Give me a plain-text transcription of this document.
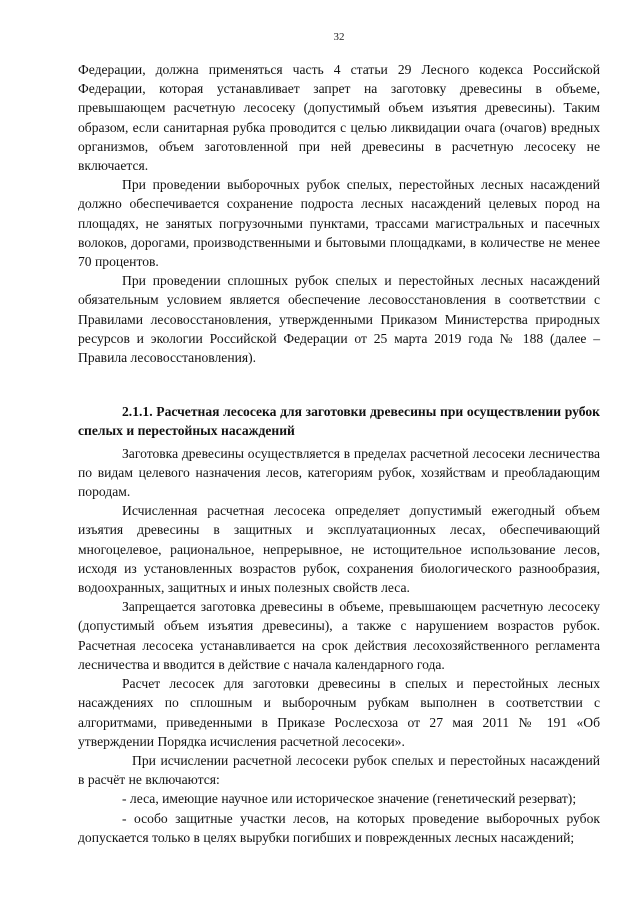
32

Федерации, должна применяться часть 4 статьи 29 Лесного кодекса Российской Федерации, которая устанавливает запрет на заготовку древесины в объеме, превышающем расчетную лесосеку (допустимый объем изъятия древесины). Таким образом, если санитарная рубка проводится с целью ликвидации очага (очагов) вредных организмов, объем заготовленной при ней древесины в расчетную лесосеку не включается.

При проведении выборочных рубок спелых, перестойных лесных насаждений должно обеспечивается сохранение подроста лесных насаждений целевых пород на площадях, не занятых погрузочными пунктами, трассами магистральных и пасечных волоков, дорогами, производственными и бытовыми площадками, в количестве не менее 70 процентов.

При проведении сплошных рубок спелых и перестойных лесных насаждений обязательным условием является обеспечение лесовосстановления в соответствии с Правилами лесовосстановления, утвержденными Приказом Министерства природных ресурсов и экологии Российской Федерации от 25 марта 2019 года № 188 (далее – Правила лесовосстановления).

2.1.1. Расчетная лесосека для заготовки древесины при осуществлении рубок спелых и перестойных насаждений

Заготовка древесины осуществляется в пределах расчетной лесосеки лесничества по видам целевого назначения лесов, категориям рубок, хозяйствам и преобладающим породам.

Исчисленная расчетная лесосека определяет допустимый ежегодный объем изъятия древесины в защитных и эксплуатационных лесах, обеспечивающий многоцелевое, рациональное, непрерывное, не истощительное использование лесов, исходя из установленных возрастов рубок, сохранения биологического разнообразия, водоохранных, защитных и иных полезных свойств леса.

Запрещается заготовка древесины в объеме, превышающем расчетную лесосеку (допустимый объем изъятия древесины), а также с нарушением возрастов рубок. Расчетная лесосека устанавливается на срок действия лесохозяйственного регламента лесничества и вводится в действие с начала календарного года.

Расчет лесосек для заготовки древесины в спелых и перестойных лесных насаждениях по сплошным и выборочным рубкам выполнен в соответствии с алгоритмами, приведенными в Приказе Рослесхоза от 27 мая 2011 № 191 «Об утверждении Порядка исчисления расчетной лесосеки».

При исчислении расчетной лесосеки рубок спелых и перестойных насаждений в расчёт не включаются:

- леса, имеющие научное или историческое значение (генетический резерват);

- особо защитные участки лесов, на которых проведение выборочных рубок допускается только в целях вырубки погибших и поврежденных лесных насаждений;
